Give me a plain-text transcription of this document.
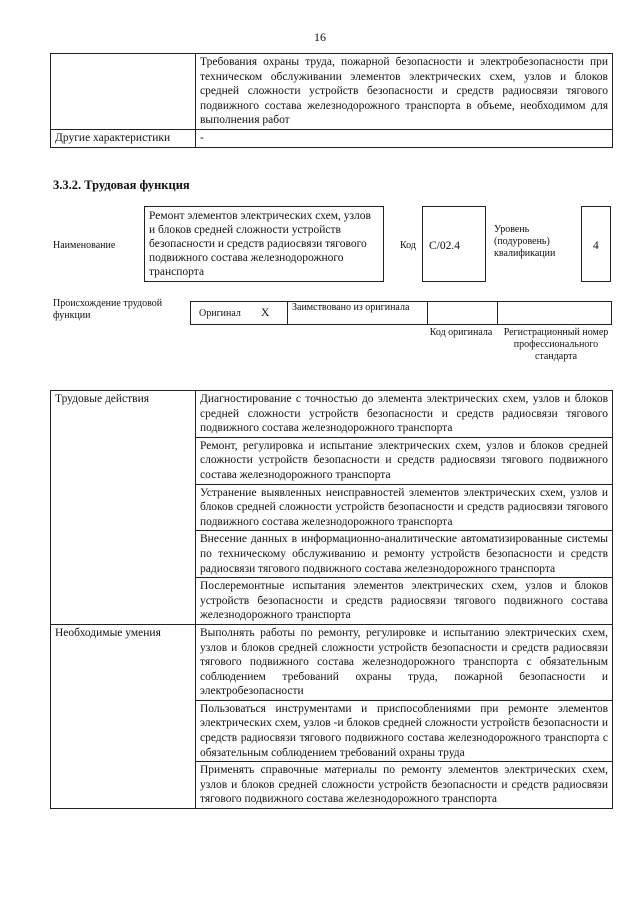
16
	Требования охраны труда, пожарной безопасности и электробезопасности при техническом обслуживании элементов электрических схем, узлов и блоков средней сложности устройств безопасности и средств радиосвязи тягового подвижного состава железнодорожного транспорта в объеме, необходимом для выполнения работ
Другие характеристики	-
3.3.2. Трудовая функция
Наименование
Ремонт элементов электрических схем, узлов и блоков средней сложности устройств безопасности и средств радиосвязи тягового подвижного состава железнодорожного транспорта
Код	C/02.4
Уровень (подуровень) квалификации
4
Происхождение трудовой функции	Оригинал X Заимствовано из оригинала
Код оригинала	Регистрационный номер профессионального стандарта
Трудовые действия	Диагностирование с точностью до элемента электрических схем, узлов и блоков средней сложности устройств безопасности и средств радиосвязи тягового подвижного состава железнодорожного транспорта
	Ремонт, регулировка и испытание электрических схем, узлов и блоков средней сложности устройств безопасности и средств радиосвязи тягового подвижного состава железнодорожного транспорта
	Устранение выявленных неисправностей элементов электрических схем, узлов и блоков средней сложности устройств безопасности и средств радиосвязи тягового подвижного состава железнодорожного транспорта
	Внесение данных в информационно-аналитические автоматизированные системы по техническому обслуживанию и ремонту устройств безопасности и средств радиосвязи тягового подвижного состава железнодорожного транспорта
	Послеремонтные испытания элементов электрических схем, узлов и блоков устройств безопасности и средств радиосвязи тягового подвижного состава железнодорожного транспорта
Необходимые умения	Выполнять работы по ремонту, регулировке и испытанию электрических схем, узлов и блоков средней сложности устройств безопасности и средств радиосвязи тягового подвижного состава железнодорожного транспорта с обязательным соблюдением требований охраны труда, пожарной безопасности и электробезопасности
	Пользоваться инструментами и приспособлениями при ремонте элементов электрических схем, узлов -и блоков средней сложности устройств безопасности и средств радиосвязи тягового подвижного состава железнодорожного транспорта с обязательным соблюдением требований охраны труда
	Применять справочные материалы по ремонту элементов электрических схем, узлов и блоков средней сложности устройств безопасности и средств радиосвязи тягового подвижного состава железнодорожного транспорта
